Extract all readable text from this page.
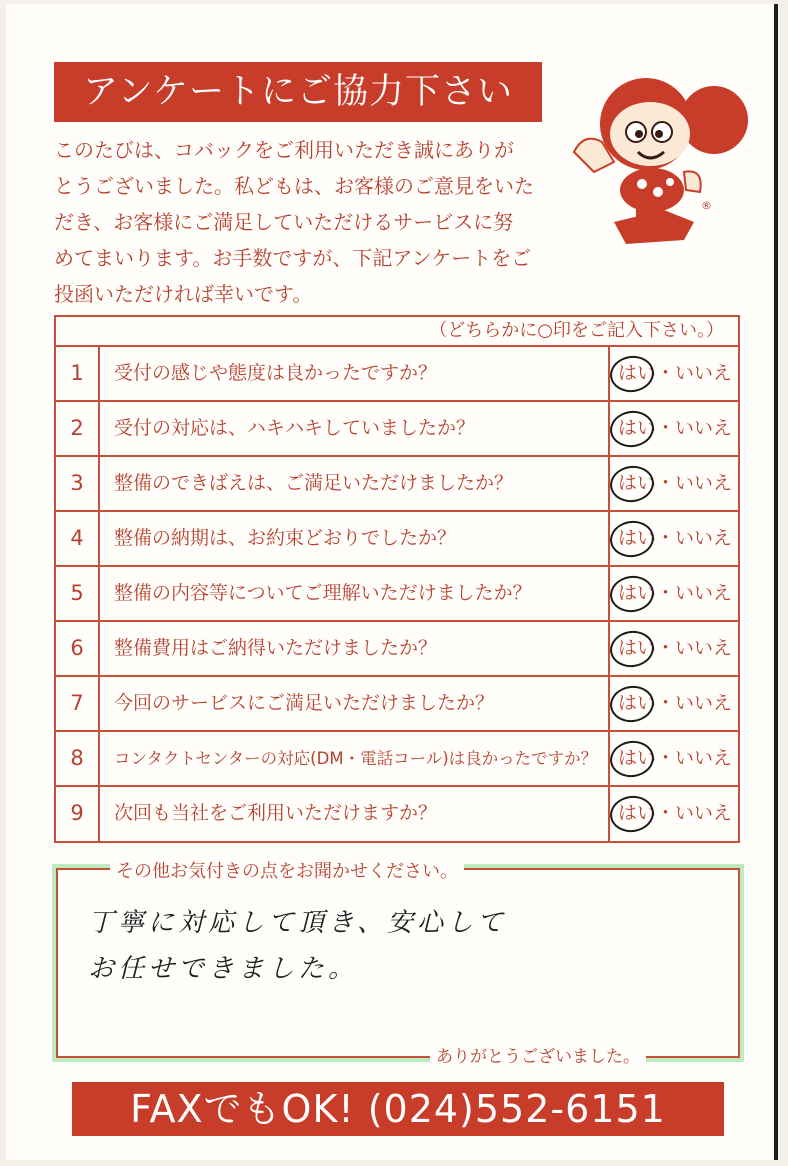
アンケートにご協力下さい
このたびは、コバックをご利用いただき誠にありが
とうございました。私どもは、お客様のご意見をいた
だき、お客様にご満足していただけるサービスに努
めてまいります。お手数ですが、下記アンケートをご
投函いただければ幸いです。
®
（どちらかに○印をご記入下さい。）
1	受付の感じや態度は良かったですか？	はい
・いいえ
2	受付の対応は、ハキハキしていましたか？	はい
・いいえ
3	整備のできばえは、ご満足いただけましたか？	はい
・いいえ
4	整備の納期は、お約束どおりでしたか？	はい
・いいえ
5	整備の内容等についてご理解いただけましたか？	はい
・いいえ
6	整備費用はご納得いただけましたか？	はい
・いいえ
7	今回のサービスにご満足いただけましたか？	はい
・いいえ
8	コンタクトセンターの対応(DM・電話コール)は良かったですか？	はい
・いいえ
9	次回も当社をご利用いただけますか？	はい
・いいえ
その他お気付きの点をお聞かせください。
丁寧に対応して頂き、安心して
お任せできました。
ありがとうございました。
FAXでもOK! (024)552-6151
